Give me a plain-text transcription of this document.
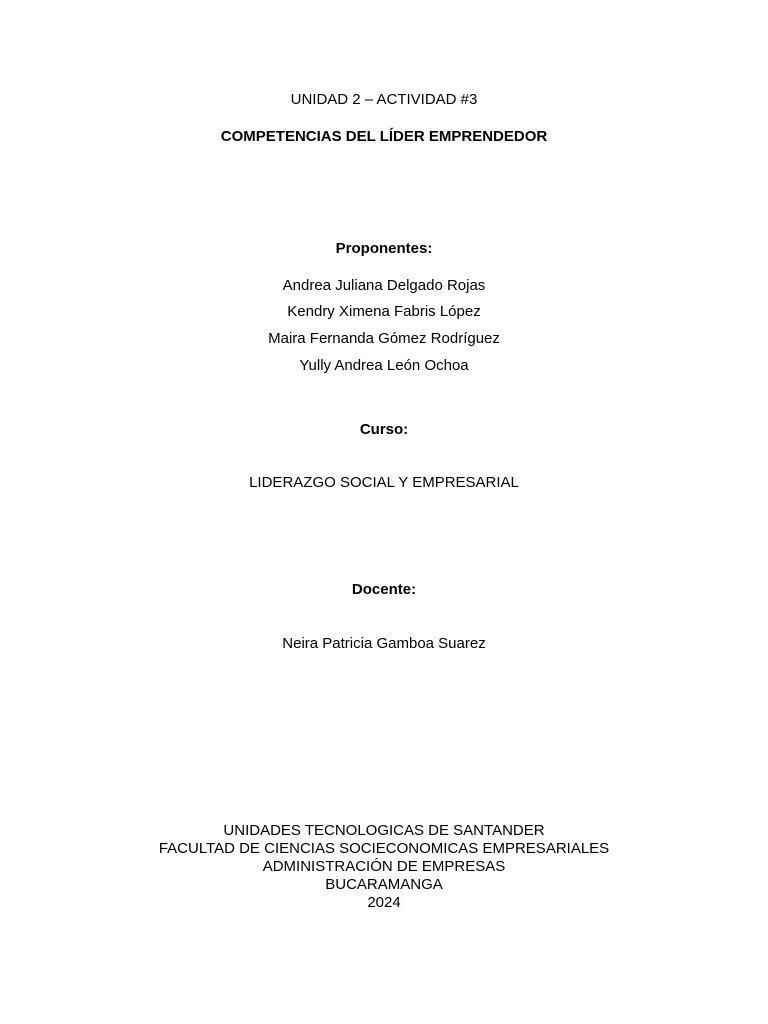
UNIDAD 2 – ACTIVIDAD #3
COMPETENCIAS DEL LÍDER EMPRENDEDOR
Proponentes:
Andrea Juliana Delgado Rojas
Kendry Ximena Fabris López
Maira Fernanda Gómez Rodríguez
Yully Andrea León Ochoa
Curso:
LIDERAZGO SOCIAL Y EMPRESARIAL
Docente:
Neira Patricia Gamboa Suarez
UNIDADES TECNOLOGICAS DE SANTANDER
FACULTAD DE CIENCIAS SOCIECONOMICAS EMPRESARIALES
ADMINISTRACIÓN DE EMPRESAS
BUCARAMANGA
2024
